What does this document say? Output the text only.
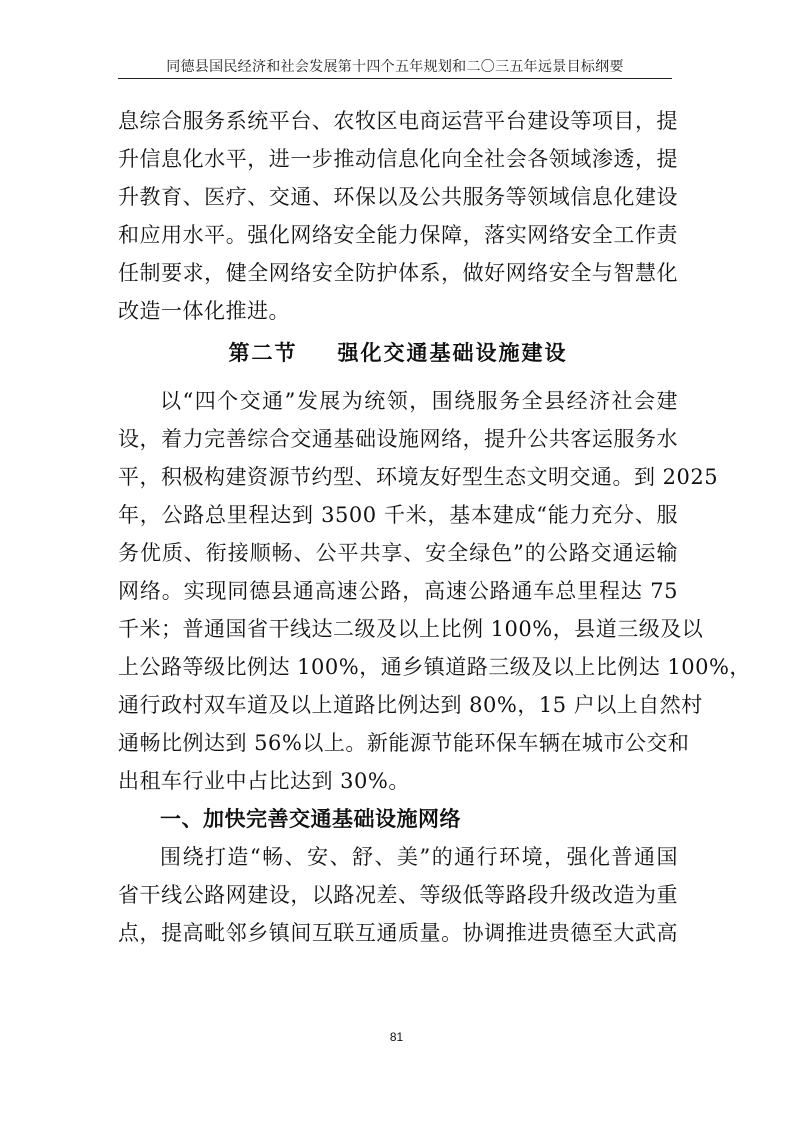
同德县国民经济和社会发展第十四个五年规划和二〇三五年远景目标纲要
息综合服务系统平台、农牧区电商运营平台建设等项目，提
升信息化水平，进一步推动信息化向全社会各领域渗透，提
升教育、医疗、交通、环保以及公共服务等领域信息化建设
和应用水平。强化网络安全能力保障，落实网络安全工作责
任制要求，健全网络安全防护体系，做好网络安全与智慧化
改造一体化推进。
第二节 强化交通基础设施建设
以“四个交通”发展为统领，围绕服务全县经济社会建
设，着力完善综合交通基础设施网络，提升公共客运服务水
平，积极构建资源节约型、环境友好型生态文明交通。到 2025
年，公路总里程达到 3500 千米，基本建成“能力充分、服
务优质、衔接顺畅、公平共享、安全绿色”的公路交通运输
网络。实现同德县通高速公路，高速公路通车总里程达 75
千米；普通国省干线达二级及以上比例 100%，县道三级及以
上公路等级比例达 100%，通乡镇道路三级及以上比例达 100%，
通行政村双车道及以上道路比例达到 80%，15 户以上自然村
通畅比例达到 56%以上。新能源节能环保车辆在城市公交和
出租车行业中占比达到 30%。
一、加快完善交通基础设施网络
围绕打造“畅、安、舒、美”的通行环境，强化普通国
省干线公路网建设，以路况差、等级低等路段升级改造为重
点，提高毗邻乡镇间互联互通质量。协调推进贵德至大武高
81
